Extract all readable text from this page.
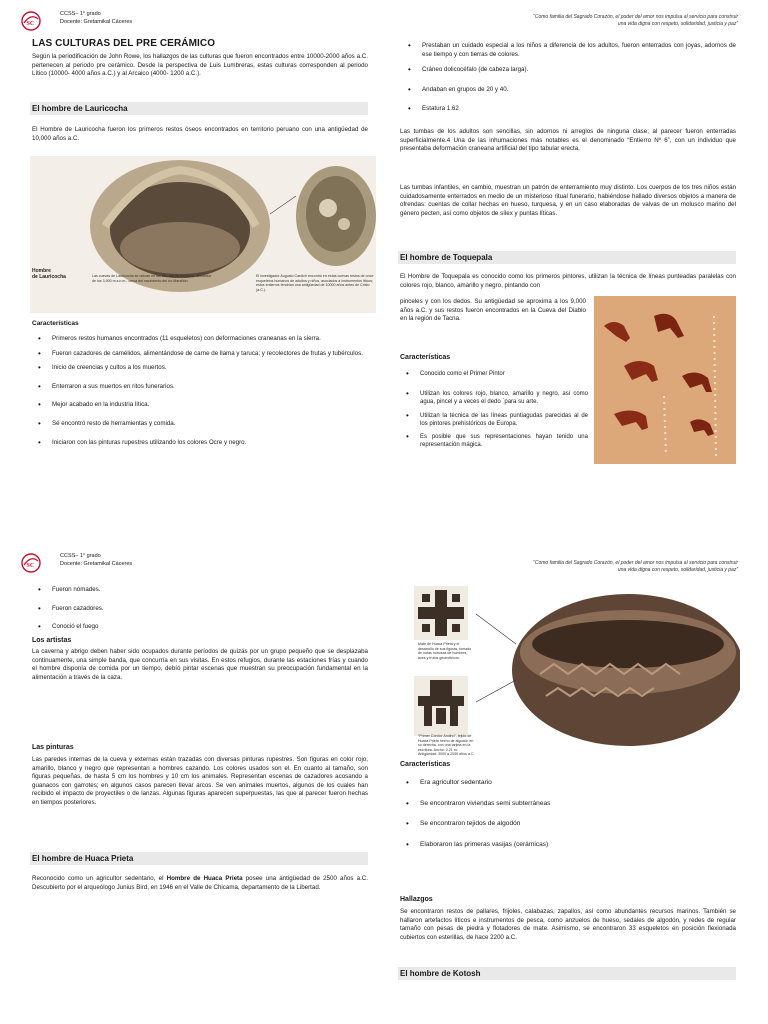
SC
CCSS– 1° grado
Docente: Gretamikal Cáceres
LAS CULTURAS DEL PRE CERÁMICO
Según la periodificación de John Rowe, los hallazgos de las culturas que fueron encontrados entre 10000-2000 años a.C. pertenecen al periodo pre cerámico. Desde la perspectiva de Luis Lumbreras, estas culturas corresponden al periodo Lítico (10000- 4000 años a.C.) y al Arcaico (4000- 1200 a.C.).
El hombre de Lauricocha
El Hombre de Lauricocha fueron los primeros restos óseos encontrados en territorio peruano con una antigüedad de 10,000 años a.C.
Hombre
de Lauricocha	Las cuevas de Lauricocha se ubican en las altu-ras de Huánuco, alrededor de los 3,900 m.s.n.m., cerca del nacimiento del río Marañón.
El investigador Augusto Cardich encontró en estas cuevas restos de once esqueletos humanos de adultos y niños, asociados a instrumentos líticos; estos entierros tendrían una antigüedad de 10000 años antes de Cristo (a.C.).
Características
• Primeros restos humanos encontrados (11 esqueletos) con deformaciones craneanas en la sierra.
• Fueron cazadores de camélidos, alimentándose de carne de llama y taruca; y recolectores de frutas y tubérculos.
• Inicio de creencias y cultos a los muertos.
• Enterraron a sus muertos en ritos funerarios.
• Mejor acabado en la industria lítica.
• Sé encontró resto de herramientas y comida.
• Iniciaron con las pinturas rupestres utilizando los colores Ocre y negro.
“Como familia del Sagrado Corazón, el poder del amor nos impulsa al servicio para construir
una vida digna con respeto, solidaridad, justicia y paz”
• Prestaban un cuidado especial a los niños a diferencia de los adultos, fueron enterrados con joyas, adornos de ese tiempo y con tierras de colores.
• Cráneo dolicocéfalo (de cabeza larga).
• Andaban en grupos de 20 y 40.
• Estatura 1.62
Las tumbas de los adultos son sencillas, sin adornos ni arreglos de ninguna clase; al parecer fueron enterradas superficialmente.4 Una de las inhumaciones más notables es el denominado “Entierro Nº 6”, con un individuo que presentaba deformación craneana artificial del tipo tabular erecta.
Las tumbas infantiles, en cambio, muestran un patrón de enterramiento muy distinto. Los cuerpos de los tres niños están cuidadosamente enterrados en medio de un misterioso ritual funerario, habiéndose hallado diversos objetos a manera de ofrendas: cuentas de collar hechas en hueso, turquesa, y en un caso elaboradas de valvas de un molusco marino del género pecten, así como objetos de sílex y puntas líticas.
El hombre de Toquepala
El Hombre de Toquepala es conocido como los primeros pintores, utilizan la técnica de líneas punteadas paralelas con colores rojo, blanco, amarillo y negro, pintando con
pinceles y con los dedos. Su antigüedad se aproxima a los 9,000 años a.C. y sus restos fueron encontrados en la Cueva del Diablo en la región de Tacna.
Características
• Conocido como el Primer Pintor
• Utilizan los colores rojo, blanco, amarillo y negro, así como agua, pincel y a veces el dedo ´para su arte.
• Utilizan la técnica de las líneas puntiagudas parecidas al de los pintores prehistóricos de Europa.
• Es posible que sus representaciones hayan tenido una representación mágica.
SC
CCSS– 1° grado
Docente: Gretamikal Cáceres
• Fueron nómades.
• Fueron cazadores.
• Conoció el fuego
Los artistas
La caverna y abrigo deben haber sido ocupados durante períodos de quizás por un grupo pequeño que se desplazaba continuamente, una simple banda, que concurría en sus visitas. En estos refugios, durante las estaciones frías y cuando el hombre disponía de comida por un tiempo, debíó pintar escenas que muestran su preocupación fundamental en la alimentación a través de la caza.
Las pinturas
Las paredes internas de la cueva y externas están trazadas con diversas pinturas rupestres. Son figuras en color rojo, amarillo, blanco y negro que representan a hombres cazando. Los colores usados son el. En cuanto al tamaño, son figuras pequeñas, de hasta 5 cm los hombres y 10 cm los animales. Representan escenas de cazadores acosando a guanacos con garrotes; en algunos casos parecen llevar arcos. Se ven animales muertos, algunos de los cuales han recibido el impacto de proyectiles o de lanzas. Algunas figuras aparecen superpuestas, las que al parecer fueron hechas en tiempos posteriores.
El hombre de Huaca Prieta
Reconocido como un agricultor sedentario, el Hombre de Huaca Prieta posee una antigüedad de 2500 años a.C. Descubierto por el arqueólogo Junius Bird, en 1946 en el Valle de Chicama, departamento de la Libertad.
“Como familia del Sagrado Corazón, el poder del amor nos impulsa al servicio para construir
una vida digna con respeto, solidaridad, justicia y paz”
Mate de Huaca Prieta y el desarrollo de sus figuras, tomado de notas ruinosas de hombres, aves y frutos geométricos.
“Primer Cóndor Andino”, tejido de Huaca Prieta hecho de algodón en su derecha, con una tarjeta en la escritura. Ancho: 0.21 m. Antigüedad: 3000 a 2000 años a.C.
Características
• Era agricultor sedentario
• Se encontraron viviendas semi subterráneas
• Se encontraron tejidos de algodón
• Elaboraron las primeras vasijas (cerámicas)
Hallazgos
Se encontraron restos de pallares, frijoles, calabazas, zapallos, así como abundantes recursos marinos. También se hallaron artefactos líticos e instrumentos de pesca, como anzuelos de hueso, sedales de algodón, y redes de regular tamaño con pesas de piedra y flotadores de mate. Asimismo, se encontraron 33 esqueletos en posición flexionada cubiertos con esterillas, de hace 2200 a.C.
El hombre de Kotosh
